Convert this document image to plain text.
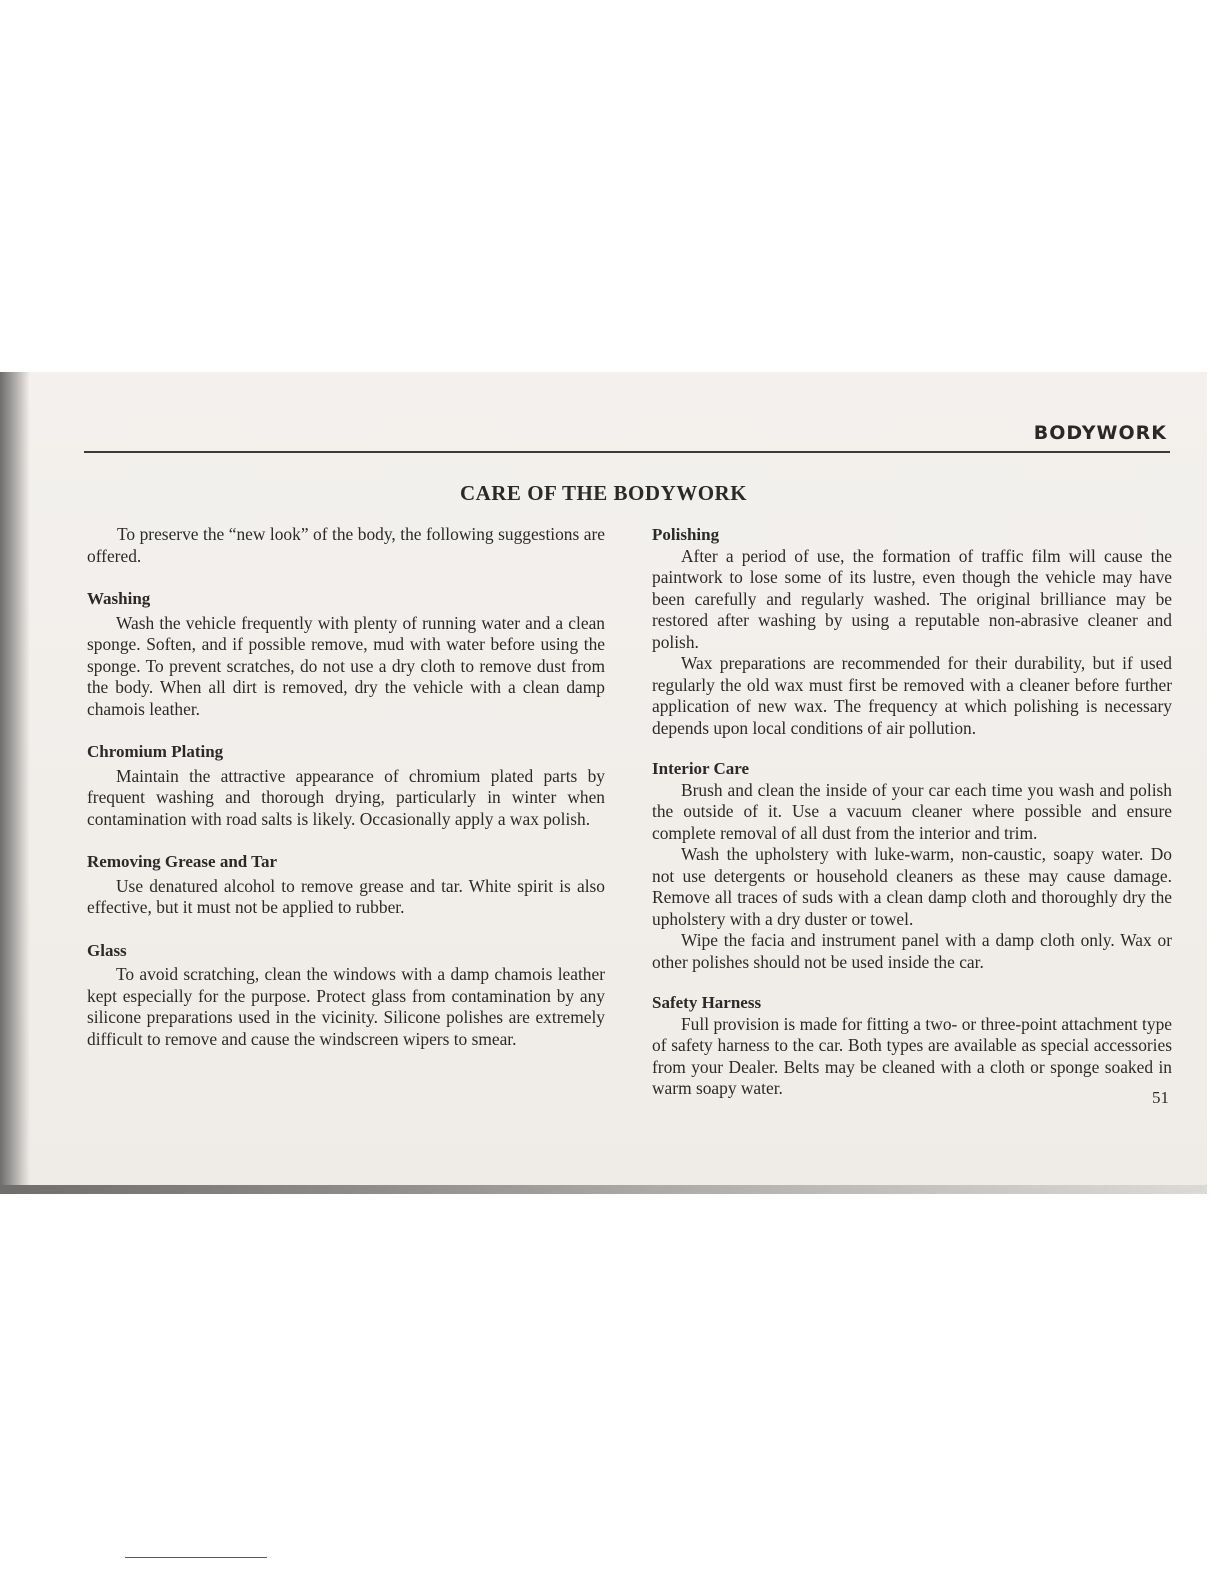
BODYWORK
CARE OF THE BODYWORK

To preserve the “new look” of the body, the following suggestions are offered.

Washing

Wash the vehicle frequently with plenty of running water and a clean sponge. Soften, and if possible remove, mud with water before using the sponge. To prevent scratches, do not use a dry cloth to remove dust from the body. When all dirt is removed, dry the vehicle with a clean damp chamois leather.

Chromium Plating

Maintain the attractive appearance of chromium plated parts by frequent washing and thorough drying, particularly in winter when contamination with road salts is likely. Occasionally apply a wax polish.

Removing Grease and Tar

Use denatured alcohol to remove grease and tar. White spirit is also effective, but it must not be applied to rubber.

Glass

To avoid scratching, clean the windows with a damp chamois leather kept especially for the purpose. Protect glass from contamination by any silicone preparations used in the vicinity. Silicone polishes are extremely difficult to remove and cause the windscreen wipers to smear.

Polishing

After a period of use, the formation of traffic film will cause the paintwork to lose some of its lustre, even though the vehicle may have been carefully and regularly washed. The original brilliance may be restored after washing by using a reputable non-abrasive cleaner and polish.

Wax preparations are recommended for their durability, but if used regularly the old wax must first be removed with a cleaner before further application of new wax. The frequency at which polishing is necessary depends upon local conditions of air pollution.

Interior Care

Brush and clean the inside of your car each time you wash and polish the outside of it. Use a vacuum cleaner where possible and ensure complete removal of all dust from the interior and trim.

Wash the upholstery with luke-warm, non-caustic, soapy water. Do not use detergents or household cleaners as these may cause damage. Remove all traces of suds with a clean damp cloth and thoroughly dry the upholstery with a dry duster or towel.

Wipe the facia and instrument panel with a damp cloth only. Wax or other polishes should not be used inside the car.

Safety Harness

Full provision is made for fitting a two- or three-point attachment type of safety harness to the car. Both types are available as special accessories from your Dealer. Belts may be cleaned with a cloth or sponge soaked in warm soapy water.	51
